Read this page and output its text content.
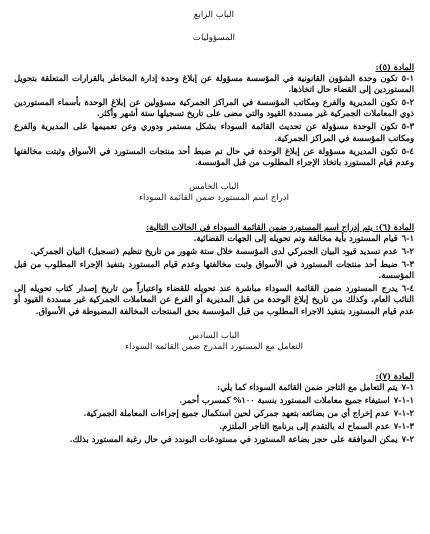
الباب الرابع

المسؤوليات

المادة (٥):

١-٥تكون وحدة الشؤون القانونية في المؤسسة مسؤولة عن إبلاغ وحدة إدارة المخاطر بالقرارات المتعلقة بتحويل المستوردين إلى القضاء حال اتخاذها.

٢-٥تكون المديرية والفرع ومكاتب المؤسسة في المراكز الجمركية مسؤولين عن إبلاغ الوحدة بأسماء المستوردين ذوي المعاملات الجمركية غير مسددة القيود والتي مضى على تاريخ تسجيلها ستة أشهر وأكثر.

٣-٥تكون الوحدة مسؤولة عن تحديث القائمة السوداء بشكل مستمر ودوري وعن تعميمها على المديرية والفرع ومكاتب المؤسسة في المراكز الجمركية.

٤-٥تكون المديرية مسؤولة عن إبلاغ الوحدة في حال تم ضبط أحد منتجات المستورد في الأسواق وثبتت مخالفتها وعدم قيام المستورد باتخاذ الإجراء المطلوب من قبل المؤسسة.

الباب الخامس

ادراج اسم المستورد ضمن القائمة السوداء

المادة (٦): يتم إدراج اسم المستورد ضمن القائمة السوداء في الحالات التالية:

١-٦قيام المستورد بأية مخالفة وتم تحويله إلى الجهات القضائية.

٢-٦عدم تسديد قيود البيان الجمركي لدى المؤسسة خلال ستة شهور من تاريخ تنظيم (تسجيل) البيان الجمركي.

٣-٦ضبط أحد منتجات المستورد في الأسواق وثبت مخالفتها وعدم قيام المستورد بتنفيذ الإجراء المطلوب من قبل المؤسسة.

٤-٦يدرج المستورد ضمن القائمة السوداء مباشرة عند تحويله للقضاء واعتباراً من تاريخ إصدار كتاب تحويله إلى النائب العام، وكذلك من تاريخ إبلاغ الوحدة من قبل المديرية أو الفرع عن المعاملات الجمركية غير مسددة القيود أو عدم قيام المستورد بتنفيذ الاجراء المطلوب من قبل المؤسسة بحق المنتجات المخالفة المضبوطة في الأسواق.

الباب السادس

التعامل مع المستورد المدرج ضمن القائمة السوداء

المادة (٧):

١-٧يتم التعامل مع التاجر ضمن القائمة السوداء كما يلي:

١-١-٧استيفاء جميع معاملات المستورد بنسبة ١٠٠% كمسرب أحمر.

٢-١-٧عدم إخراج أي من بضائعه بتعهد جمركي لحين استكمال جميع إجراءات المعاملة الجمركية.

٣-١-٧عدم السماح له بالتقدم إلى برنامج التاجر الملتزم.

٢-٧يمكن الموافقة على حجز بضاعة المستورد في مستودعات البوندد في حال رغبة المستورد بذلك.
